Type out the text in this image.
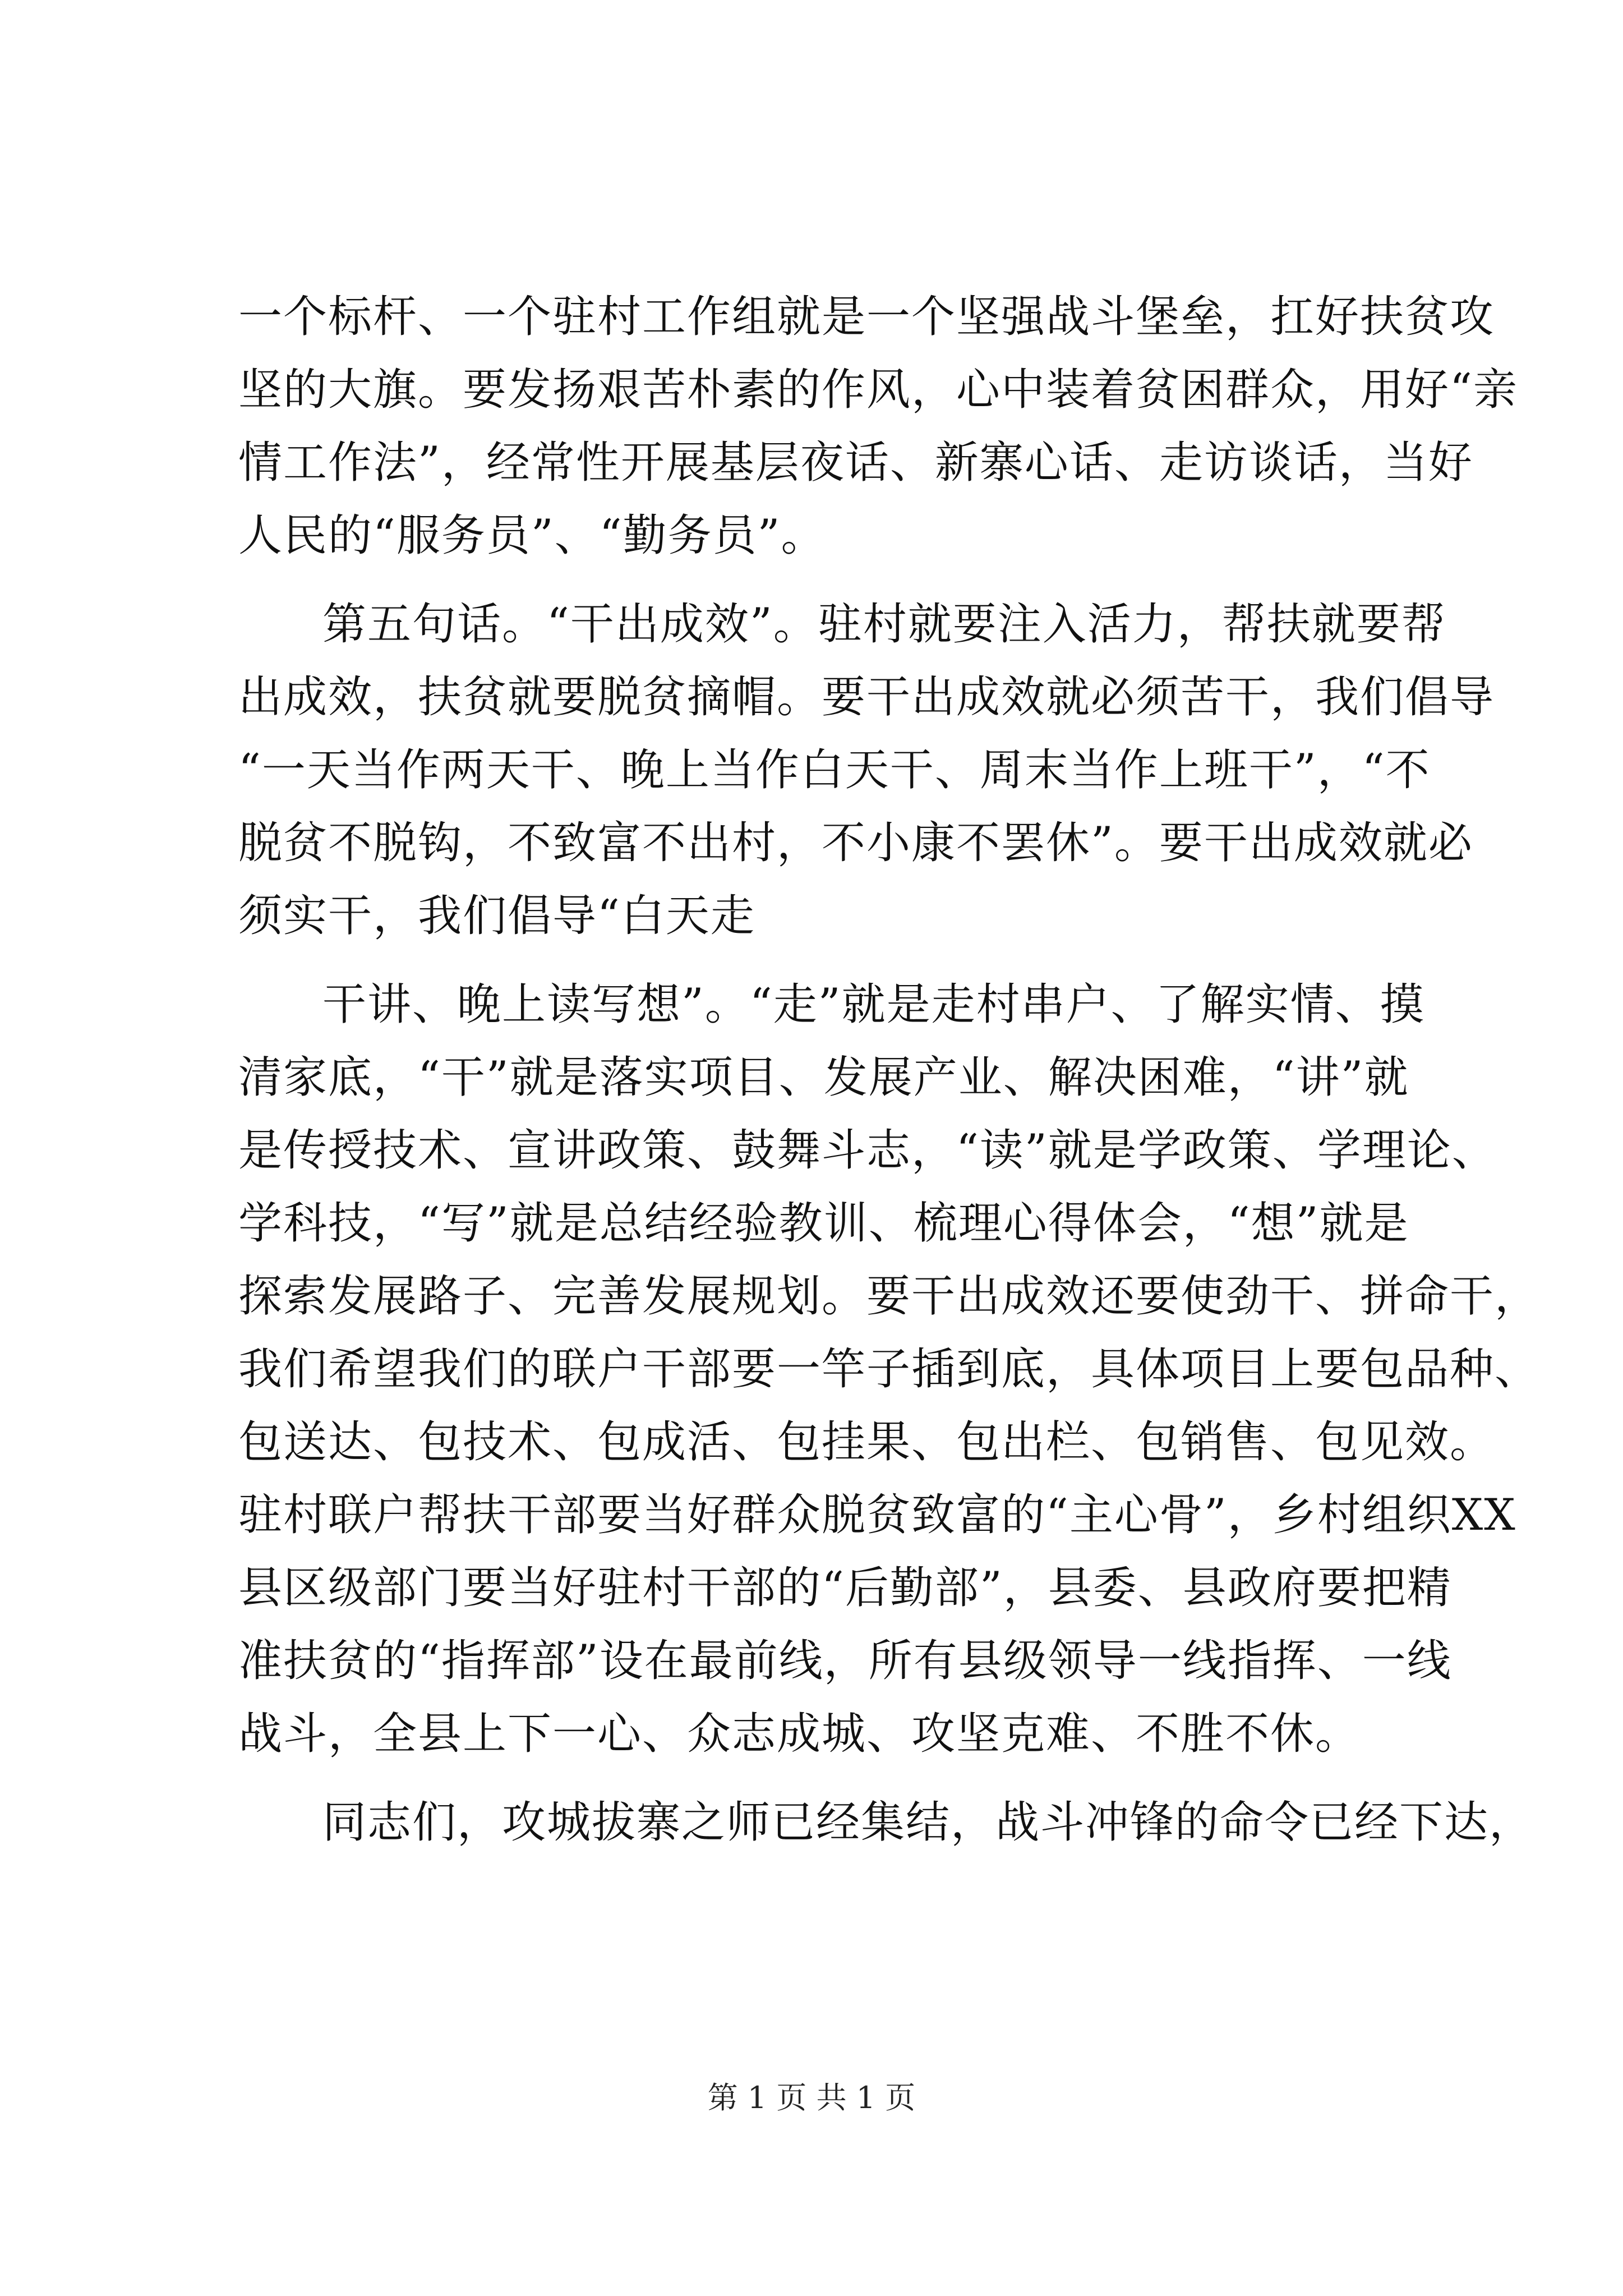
一个标杆、一个驻村工作组就是一个坚强战斗堡垒，扛好扶贫攻
坚的大旗。要发扬艰苦朴素的作风，心中装着贫困群众，用好“亲
情工作法”，经常性开展基层夜话、新寨心话、走访谈话，当好
人民的“服务员”、“勤务员”。
第五句话。“干出成效”。驻村就要注入活力，帮扶就要帮
出成效，扶贫就要脱贫摘帽。要干出成效就必须苦干，我们倡导
“一天当作两天干、晚上当作白天干、周末当作上班干”，“不
脱贫不脱钩，不致富不出村，不小康不罢休”。要干出成效就必
须实干，我们倡导“白天走
干讲、晚上读写想”。“走”就是走村串户、了解实情、摸
清家底，“干”就是落实项目、发展产业、解决困难，“讲”就
是传授技术、宣讲政策、鼓舞斗志，“读”就是学政策、学理论、
学科技，“写”就是总结经验教训、梳理心得体会，“想”就是
探索发展路子、完善发展规划。要干出成效还要使劲干、拼命干，
我们希望我们的联户干部要一竿子插到底，具体项目上要包品种、
包送达、包技术、包成活、包挂果、包出栏、包销售、包见效。
驻村联户帮扶干部要当好群众脱贫致富的“主心骨”，乡村组织XX
县区级部门要当好驻村干部的“后勤部”，县委、县政府要把精
准扶贫的“指挥部”设在最前线，所有县级领导一线指挥、一线
战斗，全县上下一心、众志成城、攻坚克难、不胜不休。
同志们，攻城拔寨之师已经集结，战斗冲锋的命令已经下达，
第 1 页 共 1 页
